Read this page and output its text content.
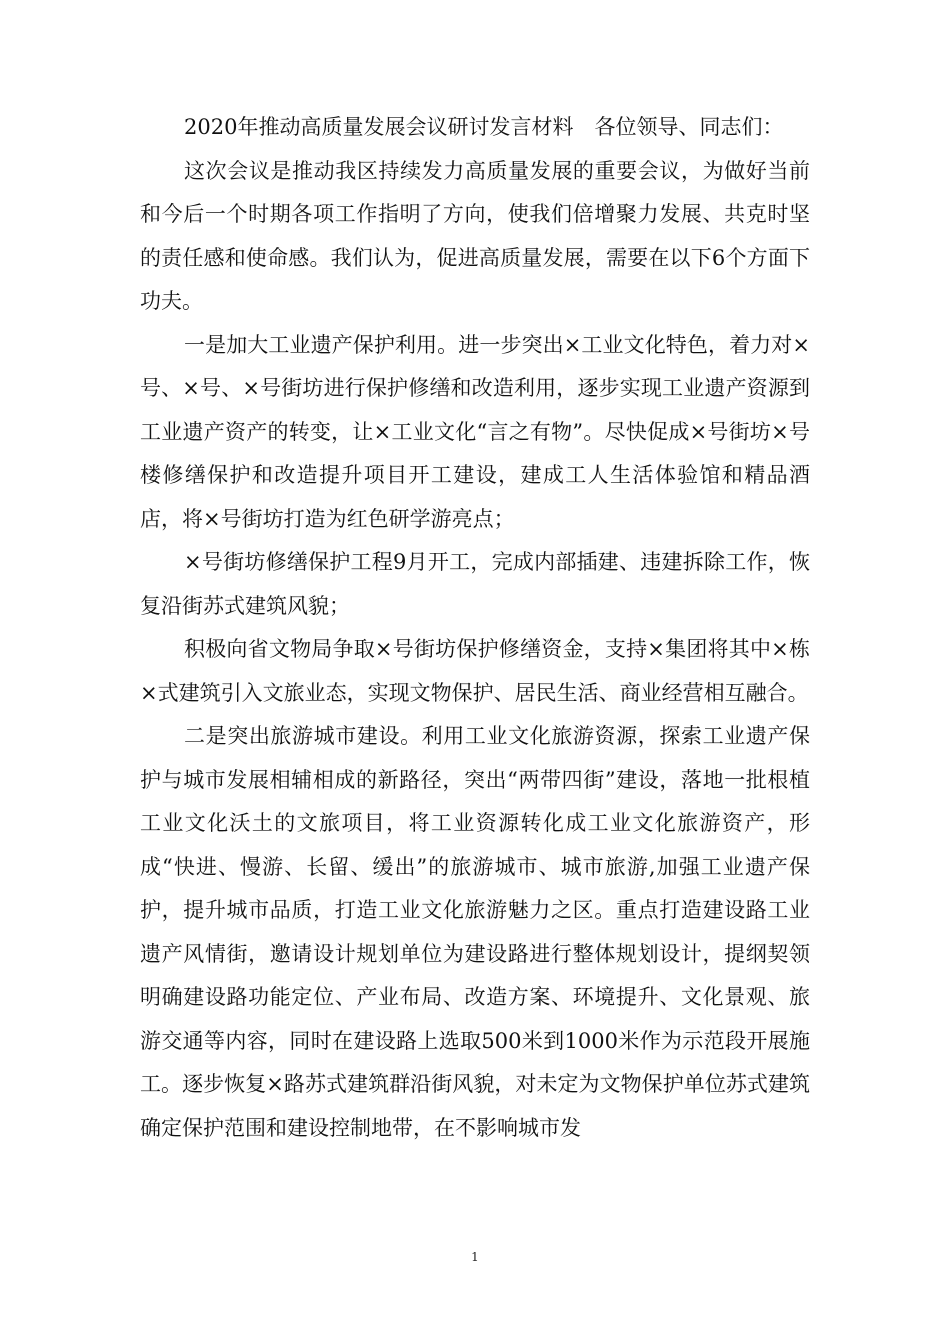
2020年推动高质量发展会议研讨发言材料　各位领导、同志们：

这次会议是推动我区持续发力高质量发展的重要会议，为做好当前和今后一个时期各项工作指明了方向，使我们倍增聚力发展、共克时坚的责任感和使命感。我们认为，促进高质量发展，需要在以下6个方面下功夫。

一是加大工业遗产保护利用。进一步突出×工业文化特色，着力对×号、×号、×号街坊进行保护修缮和改造利用，逐步实现工业遗产资源到工业遗产资产的转变，让×工业文化“言之有物”。尽快促成×号街坊×号楼修缮保护和改造提升项目开工建设，建成工人生活体验馆和精品酒店，将×号街坊打造为红色研学游亮点；

×号街坊修缮保护工程9月开工，完成内部插建、违建拆除工作，恢复沿街苏式建筑风貌；

积极向省文物局争取×号街坊保护修缮资金，支持×集团将其中×栋×式建筑引入文旅业态，实现文物保护、居民生活、商业经营相互融合。

二是突出旅游城市建设。利用工业文化旅游资源，探索工业遗产保护与城市发展相辅相成的新路径，突出“两带四街”建设，落地一批根植工业文化沃土的文旅项目，将工业资源转化成工业文化旅游资产，形成“快进、慢游、长留、缓出”的旅游城市、城市旅游,加强工业遗产保护，提升城市品质，打造工业文化旅游魅力之区。重点打造建设路工业遗产风情街，邀请设计规划单位为建设路进行整体规划设计，提纲契领明确建设路功能定位、产业布局、改造方案、环境提升、文化景观、旅游交通等内容，同时在建设路上选取500米到1000米作为示范段开展施工。逐步恢复×路苏式建筑群沿街风貌，对未定为文物保护单位苏式建筑确定保护范围和建设控制地带，在不影响城市发

1
